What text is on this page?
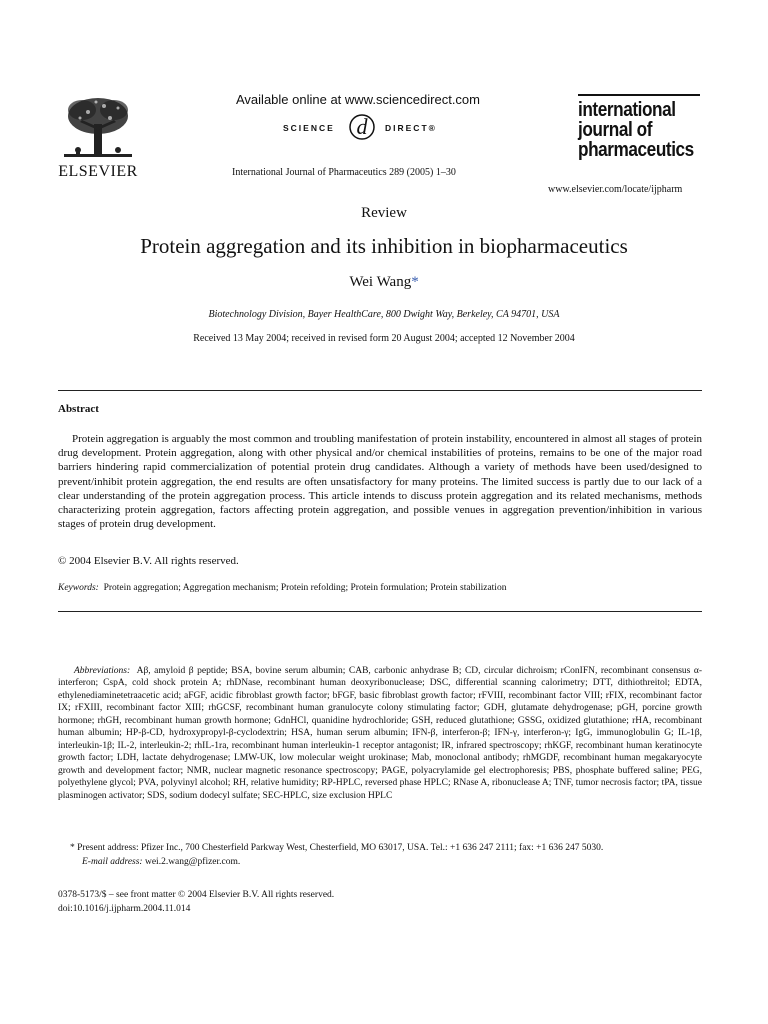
ELSEVIER
Available online at www.sciencedirect.com
SCIENCE d DIRECT®
International Journal of Pharmaceutics 289 (2005) 1–30
international
journal of
pharmaceutics
www.elsevier.com/locate/ijpharm
Review
Protein aggregation and its inhibition in biopharmaceutics
Wei Wang*
Biotechnology Division, Bayer HealthCare, 800 Dwight Way, Berkeley, CA 94701, USA
Received 13 May 2004; received in revised form 20 August 2004; accepted 12 November 2004
Abstract

Protein aggregation is arguably the most common and troubling manifestation of protein instability, encountered in almost all stages of protein drug development. Protein aggregation, along with other physical and/or chemical instabilities of proteins, remains to be one of the major road barriers hindering rapid commercialization of potential protein drug candidates. Although a variety of methods have been used/designed to prevent/inhibit protein aggregation, the end results are often unsatisfactory for many proteins. The limited success is partly due to our lack of a clear understanding of the protein aggregation process. This article intends to discuss protein aggregation and its related mechanisms, methods characterizing protein aggregation, factors affecting protein aggregation, and possible venues in aggregation prevention/inhibition in various stages of protein drug development.

© 2004 Elsevier B.V. All rights reserved.
Keywords: Protein aggregation; Aggregation mechanism; Protein refolding; Protein formulation; Protein stabilization
Abbreviations: Aβ, amyloid β peptide; BSA, bovine serum albumin; CAB, carbonic anhydrase B; CD, circular dichroism; rConIFN, recombinant consensus α-interferon; CspA, cold shock protein A; rhDNase, recombinant human deoxyribonuclease; DSC, differential scanning calorimetry; DTT, dithiothreitol; EDTA, ethylenediaminetetraacetic acid; aFGF, acidic fibroblast growth factor; bFGF, basic fibroblast growth factor; rFVIII, recombinant factor VIII; rFIX, recombinant factor IX; rFXIII, recombinant factor XIII; rhGCSF, recombinant human granulocyte colony stimulating factor; GDH, glutamate dehydrogenase; pGH, porcine growth hormone; rhGH, recombinant human growth hormone; GdnHCl, quanidine hydrochloride; GSH, reduced glutathione; GSSG, oxidized glutathione; rHA, recombinant human albumin; HP-β-CD, hydroxypropyl-β-cyclodextrin; HSA, human serum albumin; IFN-β, interferon-β; IFN-γ, interferon-γ; IgG, immunoglobulin G; IL-1β, interleukin-1β; IL-2, interleukin-2; rhIL-1ra, recombinant human interleukin-1 receptor antagonist; IR, infrared spectroscopy; rhKGF, recombinant human keratinocyte growth factor; LDH, lactate dehydrogenase; LMW-UK, low molecular weight urokinase; Mab, monoclonal antibody; rhMGDF, recombinant human megakaryocyte growth and development factor; NMR, nuclear magnetic resonance spectroscopy; PAGE, polyacrylamide gel electrophoresis; PBS, phosphate buffered saline; PEG, polyethylene glycol; PVA, polyvinyl alcohol; RH, relative humidity; RP-HPLC, reversed phase HPLC; RNase A, ribonuclease A; TNF, tumor necrosis factor; tPA, tissue plasminogen activator; SDS, sodium dodecyl sulfate; SEC-HPLC, size exclusion HPLC
* Present address: Pfizer Inc., 700 Chesterfield Parkway West, Chesterfield, MO 63017, USA. Tel.: +1 636 247 2111; fax: +1 636 247 5030.
E-mail address: wei.2.wang@pfizer.com.
0378-5173/$ – see front matter © 2004 Elsevier B.V. All rights reserved.
doi:10.1016/j.ijpharm.2004.11.014
